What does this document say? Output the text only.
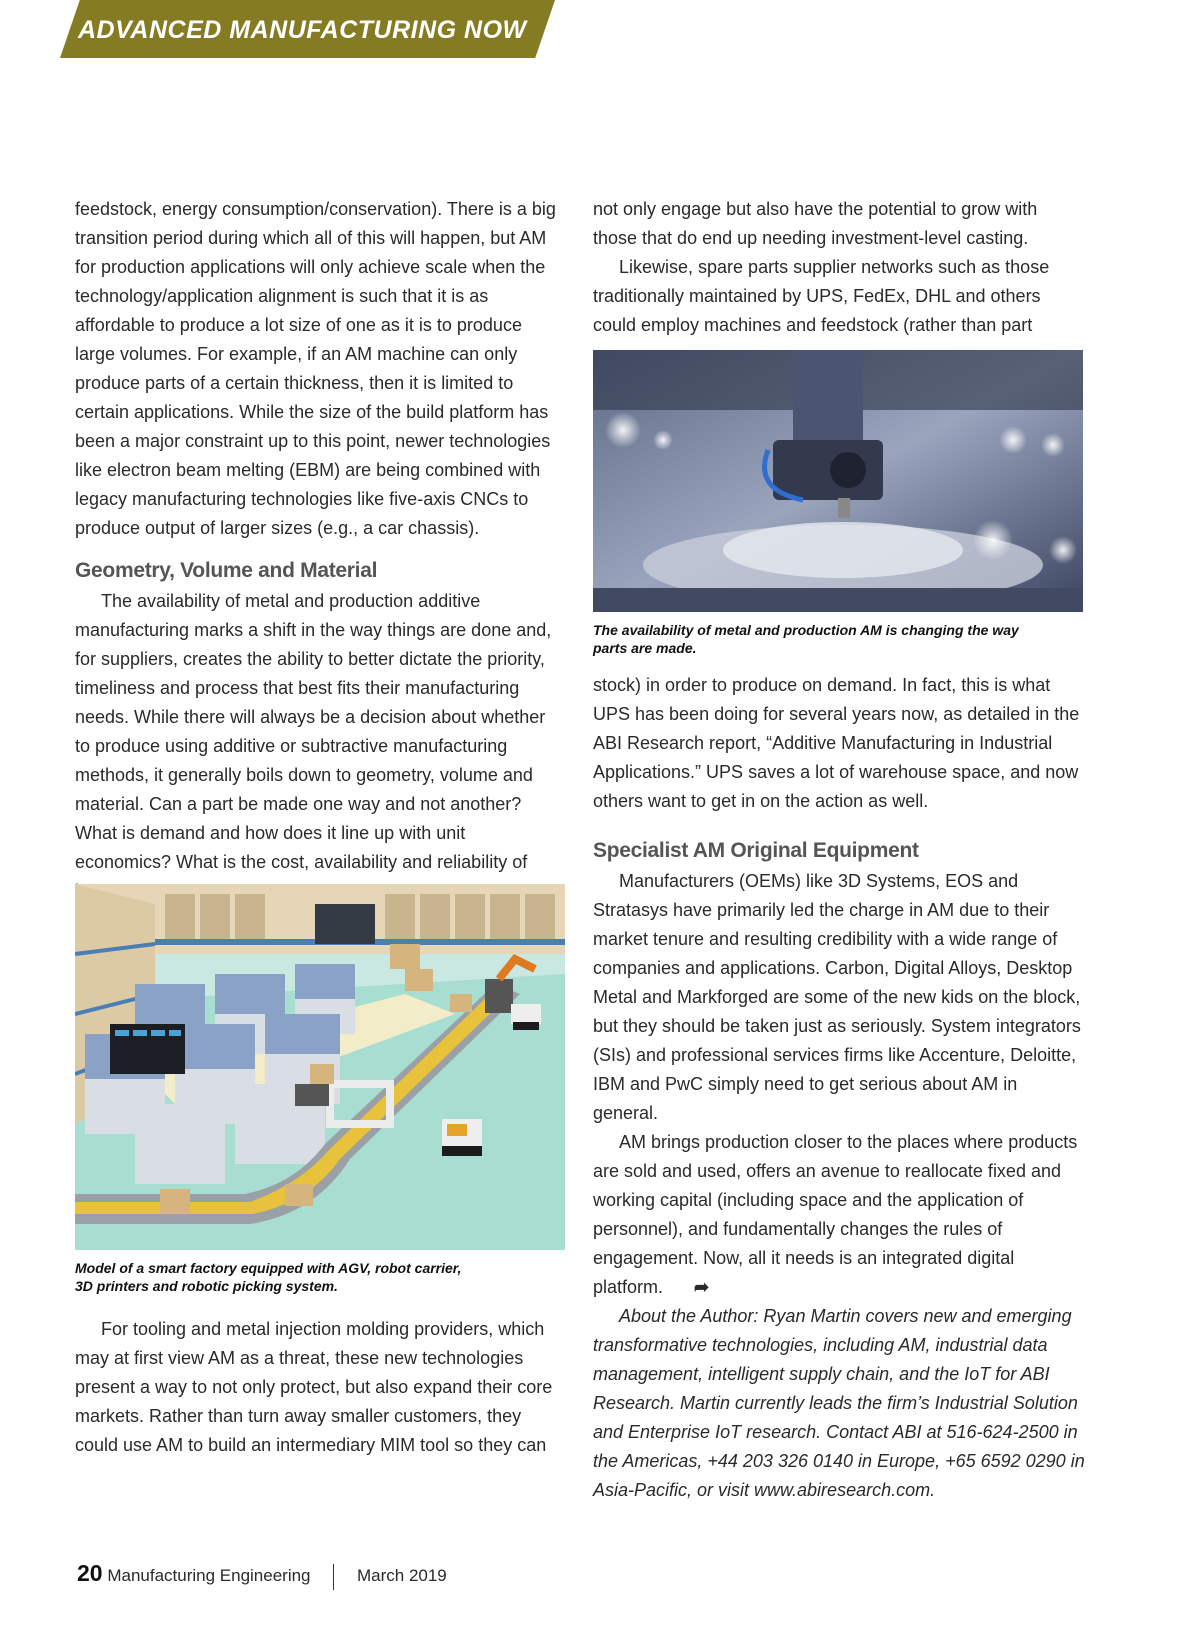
ADVANCED MANUFACTURING NOW

feedstock, energy consumption/conservation). There is a big transition period during which all of this will happen, but AM for production applications will only achieve scale when the technology/application alignment is such that it is as affordable to produce a lot size of one as it is to produce large volumes. For example, if an AM machine can only produce parts of a certain thickness, then it is limited to certain applications. While the size of the build platform has been a major constraint up to this point, newer technologies like electron beam melting (EBM) are being combined with legacy manufacturing technologies like five-axis CNCs to produce output of larger sizes (e.g., a car chassis).

Geometry, Volume and Material

The availability of metal and production additive manufacturing marks a shift in the way things are done and, for suppliers, creates the ability to better dictate the priority, timeliness and process that best fits their manufacturing needs. While there will always be a decision about whether to produce using additive or subtractive manufacturing methods, it generally boils down to geometry, volume and material. Can a part be made one way and not another? What is demand and how does it line up with unit economics? What is the cost, availability and reliability of

Model of a smart factory equipped with AGV, robot carrier,
3D printers and robotic picking system.

For tooling and metal injection molding providers, which may at first view AM as a threat, these new technologies present a way to not only protect, but also expand their core markets. Rather than turn away smaller customers, they could use AM to build an intermediary MIM tool so they can

not only engage but also have the potential to grow with those that do end up needing investment-level casting.

Likewise, spare parts supplier networks such as those traditionally maintained by UPS, FedEx, DHL and others could employ machines and feedstock (rather than part

The availability of metal and production AM is changing the way
parts are made.

stock) in order to produce on demand. In fact, this is what UPS has been doing for several years now, as detailed in the ABI Research report, “Additive Manufacturing in Industrial Applications.” UPS saves a lot of warehouse space, and now others want to get in on the action as well.

Specialist AM Original Equipment

Manufacturers (OEMs) like 3D Systems, EOS and Stratasys have primarily led the charge in AM due to their market tenure and resulting credibility with a wide range of companies and applications. Carbon, Digital Alloys, Desktop Metal and Markforged are some of the new kids on the block, but they should be taken just as seriously. System integrators (SIs) and professional services firms like Accenture, Deloitte, IBM and PwC simply need to get serious about AM in general.

AM brings production closer to the places where products are sold and used, offers an avenue to reallocate fixed and working capital (including space and the application of personnel), and fundamentally changes the rules of engagement. Now, all it needs is an integrated digital platform. ➦

About the Author: Ryan Martin covers new and emerging transformative technologies, including AM, industrial data management, intelligent supply chain, and the IoT for ABI Research. Martin currently leads the firm’s Industrial Solution and Enterprise IoT research. Contact ABI at 516-624-2500 in the Americas, +44 203 326 0140 in Europe, +65 6592 0290 in Asia-Pacific, or visit www.abiresearch.com.

20 Manufacturing Engineering	March 2019
